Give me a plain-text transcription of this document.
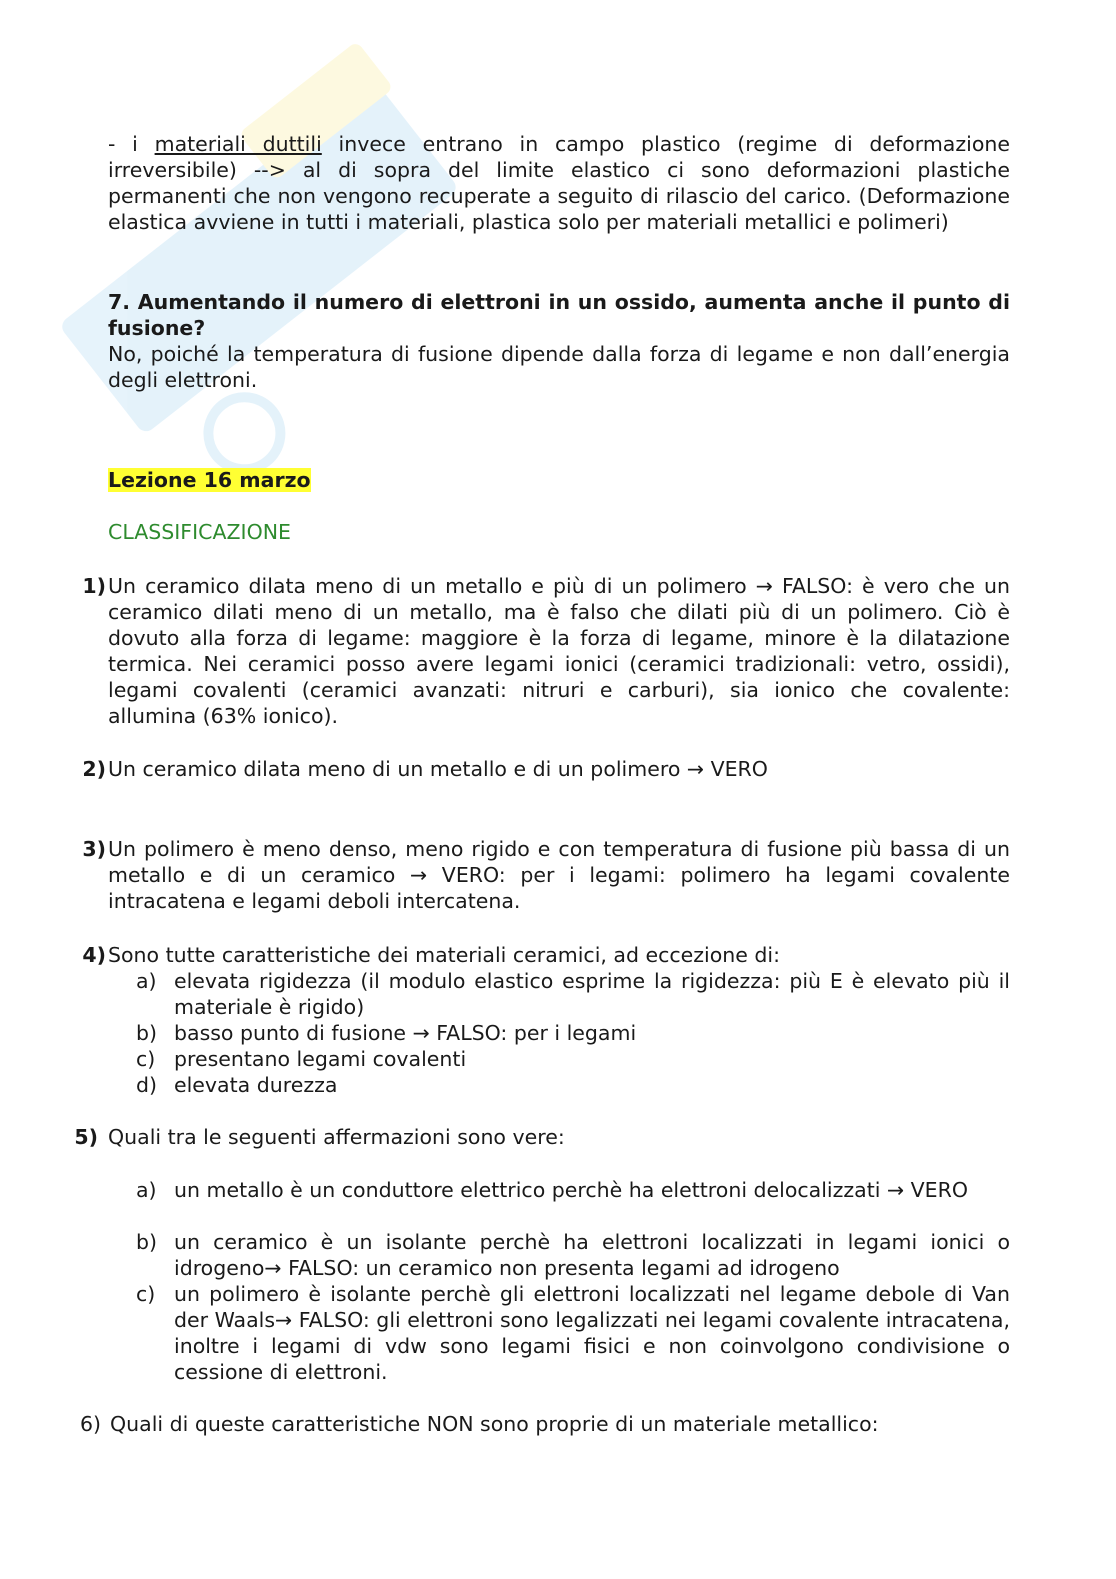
- i materiali duttili invece entrano in campo plastico (regime di deformazione irreversibile) --> al di sopra del limite elastico ci sono deformazioni plastiche permanenti che non vengono recuperate a seguito di rilascio del carico. (Deformazione elastica avviene in tutti i materiali, plastica solo per materiali metallici e polimeri)

7. Aumentando il numero di elettroni in un ossido, aumenta anche il punto di fusione?

No, poiché la temperatura di fusione dipende dalla forza di legame e non dall’energia degli elettroni.

Lezione 16 marzo

CLASSIFICAZIONE

1) Un ceramico dilata meno di un metallo e più di un polimero → FALSO: è vero che un ceramico dilati meno di un metallo, ma è falso che dilati più di un polimero. Ciò è dovuto alla forza di legame: maggiore è la forza di legame, minore è la dilatazione termica. Nei ceramici posso avere legami ionici (ceramici tradizionali: vetro, ossidi), legami covalenti (ceramici avanzati: nitruri e carburi), sia ionico che covalente: allumina (63% ionico).

2) Un ceramico dilata meno di un metallo e di un polimero → VERO

3) Un polimero è meno denso, meno rigido e con temperatura di fusione più bassa di un metallo e di un ceramico → VERO: per i legami: polimero ha legami covalente intracatena e legami deboli intercatena.

4) Sono tutte caratteristiche dei materiali ceramici, ad eccezione di:

a) elevata rigidezza (il modulo elastico esprime la rigidezza: più E è elevato più il materiale è rigido)

b) basso punto di fusione → FALSO: per i legami

c) presentano legami covalenti

d) elevata durezza

5) Quali tra le seguenti affermazioni sono vere:

a) un metallo è un conduttore elettrico perchè ha elettroni delocalizzati → VERO

b) un ceramico è un isolante perchè ha elettroni localizzati in legami ionici o idrogeno→ FALSO: un ceramico non presenta legami ad idrogeno

c) un polimero è isolante perchè gli elettroni localizzati nel legame debole di Van der Waals→ FALSO: gli elettroni sono legalizzati nei legami covalente intracatena, inoltre i legami di vdw sono legami fisici e non coinvolgono condivisione o cessione di elettroni.

6) Quali di queste caratteristiche NON sono proprie di un materiale metallico:
